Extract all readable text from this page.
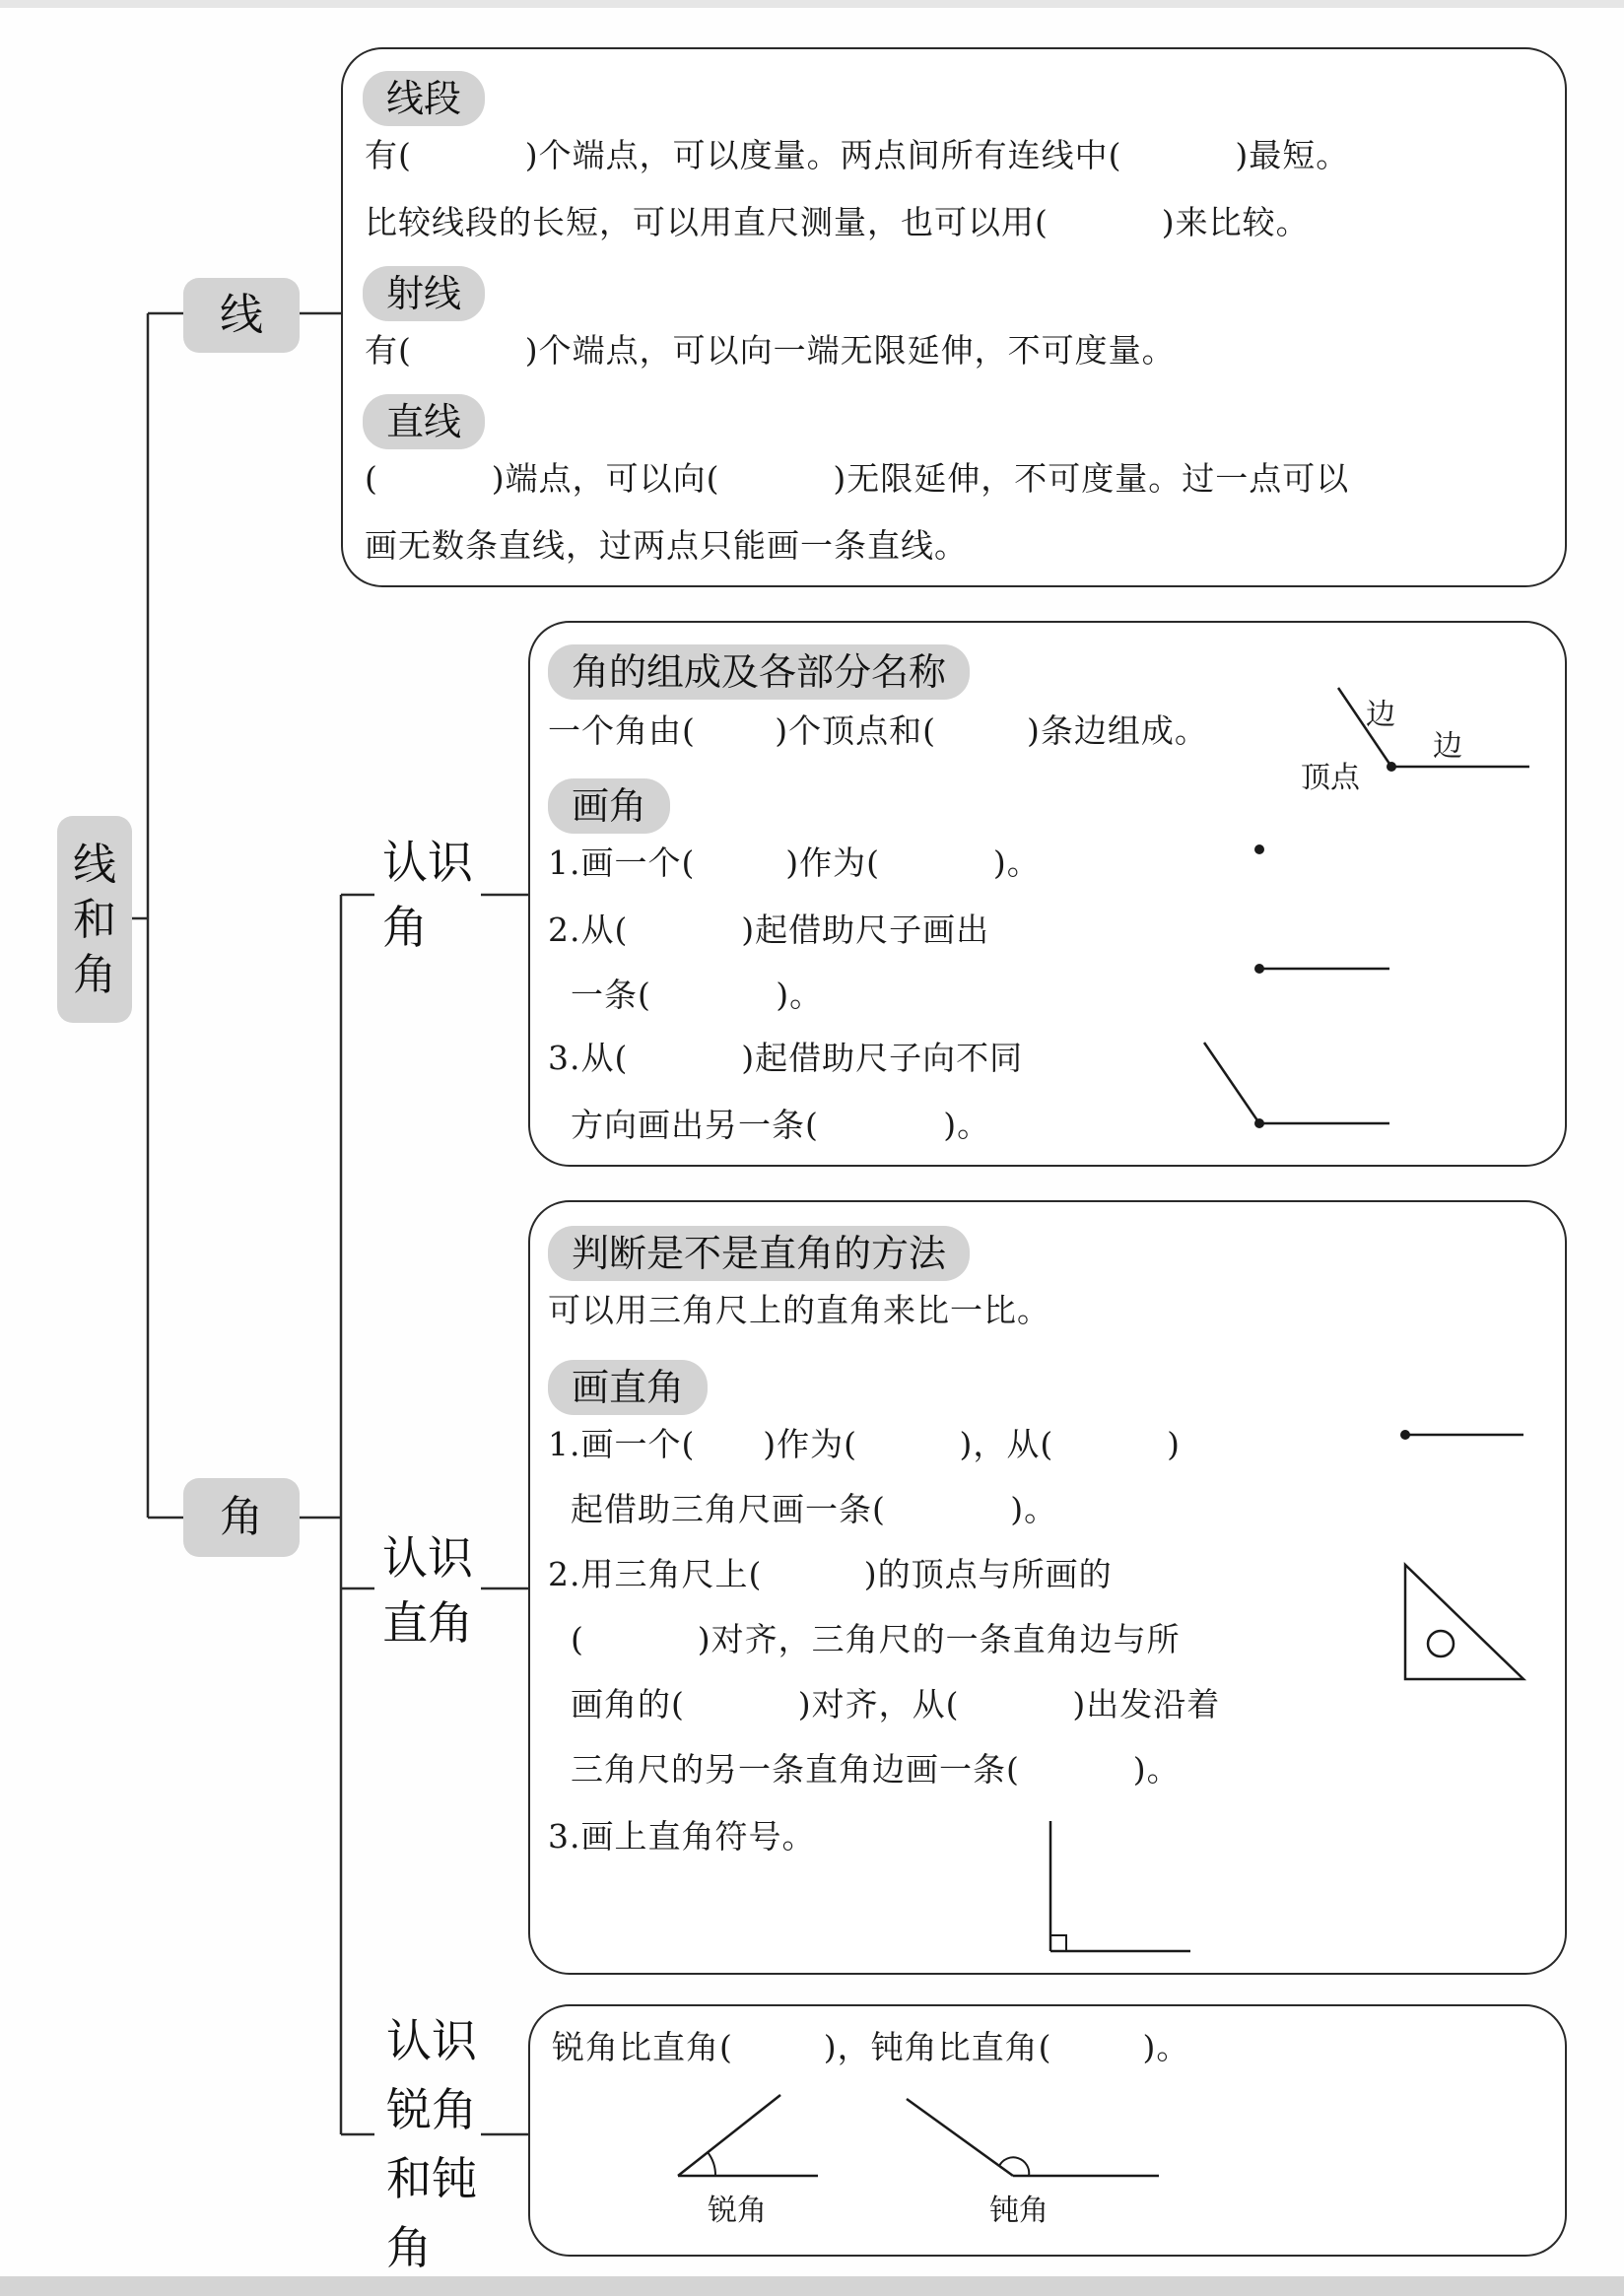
线和角
线
角
线段
有(          )个端点，可以度量。两点间所有连线中(          )最短。
比较线段的长短，可以用直尺测量，也可以用(          )来比较。
射线
有(          )个端点，可以向一端无限延伸，不可度量。
直线
(          )端点，可以向(          )无限延伸，不可度量。过一点可以
画无数条直线，过两点只能画一条直线。
认识
角
认识
直角
认识
锐角
和钝
角
角的组成及各部分名称
一个角由(       )个顶点和(        )条边组成。
画角
1.画一个(        )作为(          )。
2.从(          )起借助尺子画出
一条(           )。
3.从(          )起借助尺子向不同
方向画出另一条(           )。
边
边
顶点
判断是不是直角的方法
可以用三角尺上的直角来比一比。
画直角
1.画一个(      )作为(         )，从(          )
起借助三角尺画一条(           )。
2.用三角尺上(         )的顶点与所画的
(          )对齐，三角尺的一条直角边与所
画角的(          )对齐，从(          )出发沿着
三角尺的另一条直角边画一条(          )。
3.画上直角符号。
锐角比直角(        )，钝角比直角(        )。
锐角	钝角
